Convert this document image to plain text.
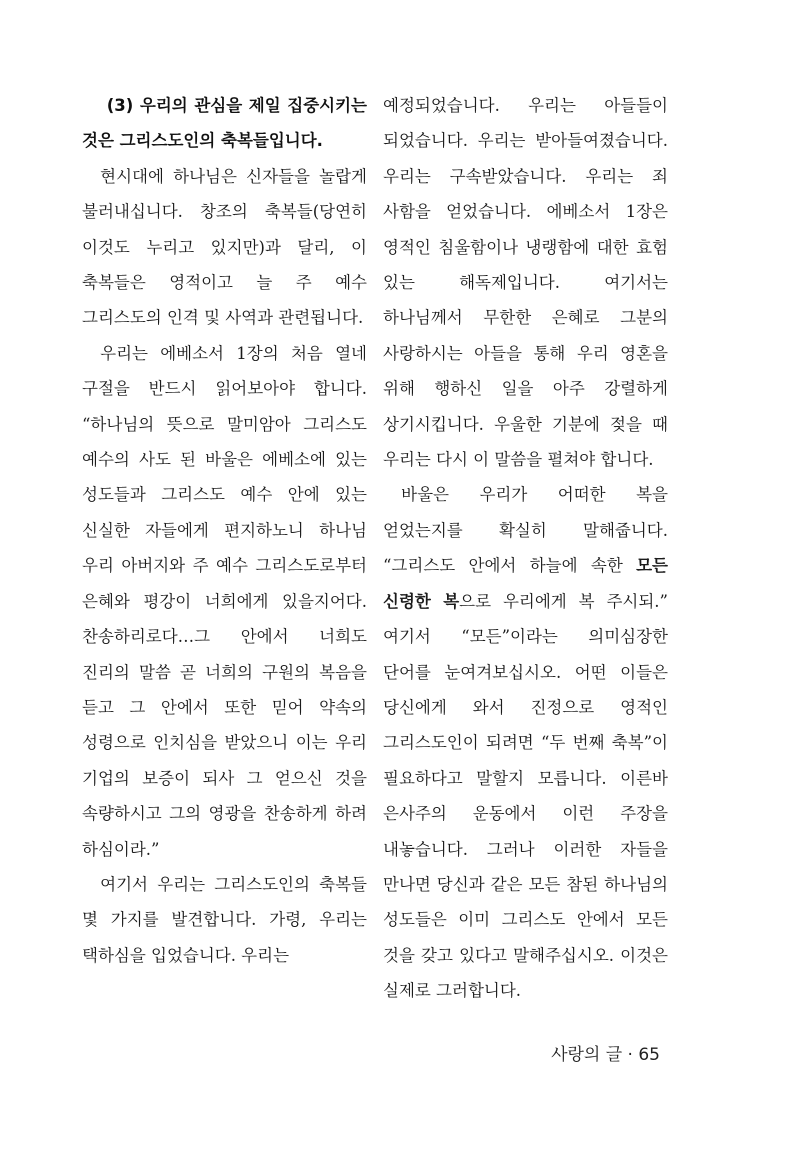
(3) 우리의 관심을 제일 집중시키는 것은 그리스도인의 축복들입니다.

현시대에 하나님은 신자들을 놀랍게 불러내십니다. 창조의 축복들(당연히 이것도 누리고 있지만)과 달리, 이 축복들은 영적이고 늘 주 예수 그리스도의 인격 및 사역과 관련됩니다.

우리는 에베소서 1장의 처음 열네 구절을 반드시 읽어보아야 합니다. “하나님의 뜻으로 말미암아 그리스도 예수의 사도 된 바울은 에베소에 있는 성도들과 그리스도 예수 안에 있는 신실한 자들에게 편지하노니 하나님 우리 아버지와 주 예수 그리스도로부터 은혜와 평강이 너희에게 있을지어다. 찬송하리로다…그 안에서 너희도 진리의 말씀 곧 너희의 구원의 복음을 듣고 그 안에서 또한 믿어 약속의 성령으로 인치심을 받았으니 이는 우리 기업의 보증이 되사 그 얻으신 것을 속량하시고 그의 영광을 찬송하게 하려 하심이라.”

여기서 우리는 그리스도인의 축복들 몇 가지를 발견합니다. 가령, 우리는 택하심을 입었습니다. 우리는

예정되었습니다. 우리는 아들들이 되었습니다. 우리는 받아들여졌습니다. 우리는 구속받았습니다. 우리는 죄 사함을 얻었습니다. 에베소서 1장은 영적인 침울함이나 냉랭함에 대한 효험 있는 해독제입니다. 여기서는 하나님께서 무한한 은혜로 그분의 사랑하시는 아들을 통해 우리 영혼을 위해 행하신 일을 아주 강렬하게 상기시킵니다. 우울한 기분에 젖을 때 우리는 다시 이 말씀을 펼쳐야 합니다.

바울은 우리가 어떠한 복을 얻었는지를 확실히 말해줍니다. “그리스도 안에서 하늘에 속한 모든 신령한 복으로 우리에게 복 주시되.” 여기서 “모든”이라는 의미심장한 단어를 눈여겨보십시오. 어떤 이들은 당신에게 와서 진정으로 영적인 그리스도인이 되려면 “두 번째 축복”이 필요하다고 말할지 모릅니다. 이른바 은사주의 운동에서 이런 주장을 내놓습니다. 그러나 이러한 자들을 만나면 당신과 같은 모든 참된 하나님의 성도들은 이미 그리스도 안에서 모든 것을 갖고 있다고 말해주십시오. 이것은 실제로 그러합니다.

사랑의 글 · 65
